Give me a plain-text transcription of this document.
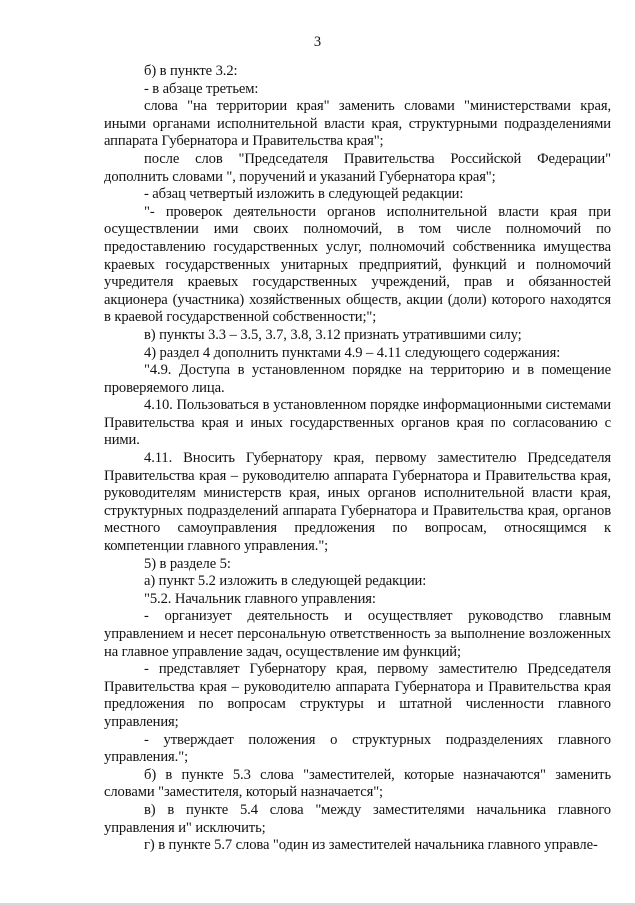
3

б) в пункте 3.2:

- в абзаце третьем:

слова "на территории края" заменить словами "министерствами края, иными органами исполнительной власти края, структурными подразделениями аппарата Губернатора и Правительства края";

после слов "Председателя Правительства Российской Федерации" дополнить словами ", поручений и указаний Губернатора края";

- абзац четвертый изложить в следующей редакции:

"- проверок деятельности органов исполнительной власти края при осуществлении ими своих полномочий, в том числе полномочий по предоставлению государственных услуг, полномочий собственника имущества краевых государственных унитарных предприятий, функций и полномочий учредителя краевых государственных учреждений, прав и обязанностей акционера (участника) хозяйственных обществ, акции (доли) которого находятся в краевой государственной собственности;";

в) пункты 3.3 – 3.5, 3.7, 3.8, 3.12 признать утратившими силу;

4) раздел 4 дополнить пунктами 4.9 – 4.11 следующего содержания:

"4.9. Доступа в установленном порядке на территорию и в помещение проверяемого лица.

4.10. Пользоваться в установленном порядке информационными системами Правительства края и иных государственных органов края по согласованию с ними.

4.11. Вносить Губернатору края, первому заместителю Председателя Правительства края – руководителю аппарата Губернатора и Правительства края, руководителям министерств края, иных органов исполнительной власти края, структурных подразделений аппарата Губернатора и Правительства края, органов местного самоуправления предложения по вопросам, относящимся к компетенции главного управления.";

5) в разделе 5:

а) пункт 5.2 изложить в следующей редакции:

"5.2. Начальник главного управления:

- организует деятельность и осуществляет руководство главным управлением и несет персональную ответственность за выполнение возложенных на главное управление задач, осуществление им функций;

- представляет Губернатору края, первому заместителю Председателя Правительства края – руководителю аппарата Губернатора и Правительства края предложения по вопросам структуры и штатной численности главного управления;

- утверждает положения о структурных подразделениях главного управления.";

б) в пункте 5.3 слова "заместителей, которые назначаются" заменить словами "заместителя, который назначается";

в) в пункте 5.4 слова "между заместителями начальника главного управления и" исключить;

г) в пункте 5.7 слова "один из заместителей начальника главного управле-
